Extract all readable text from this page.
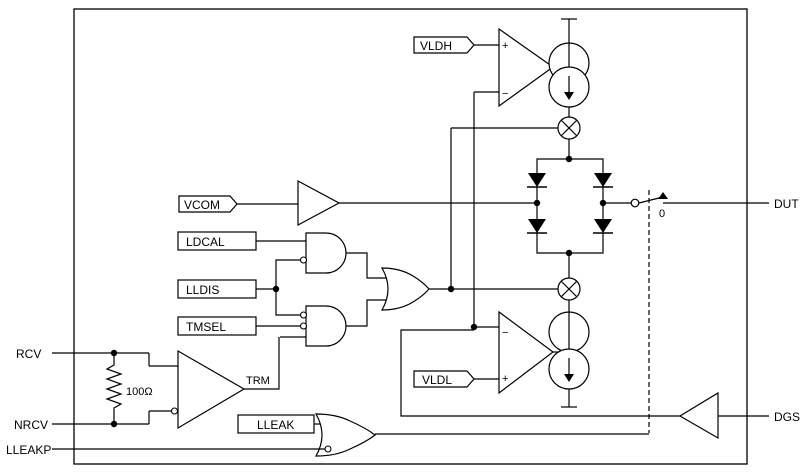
VLDH	+
−
0
DUT
VCOM
LDCAL
LLDIS
TMSEL	−
+
VLDL
DGS
RCV
NRCV
100Ω
TRM
LLEAK
LLEAKP
